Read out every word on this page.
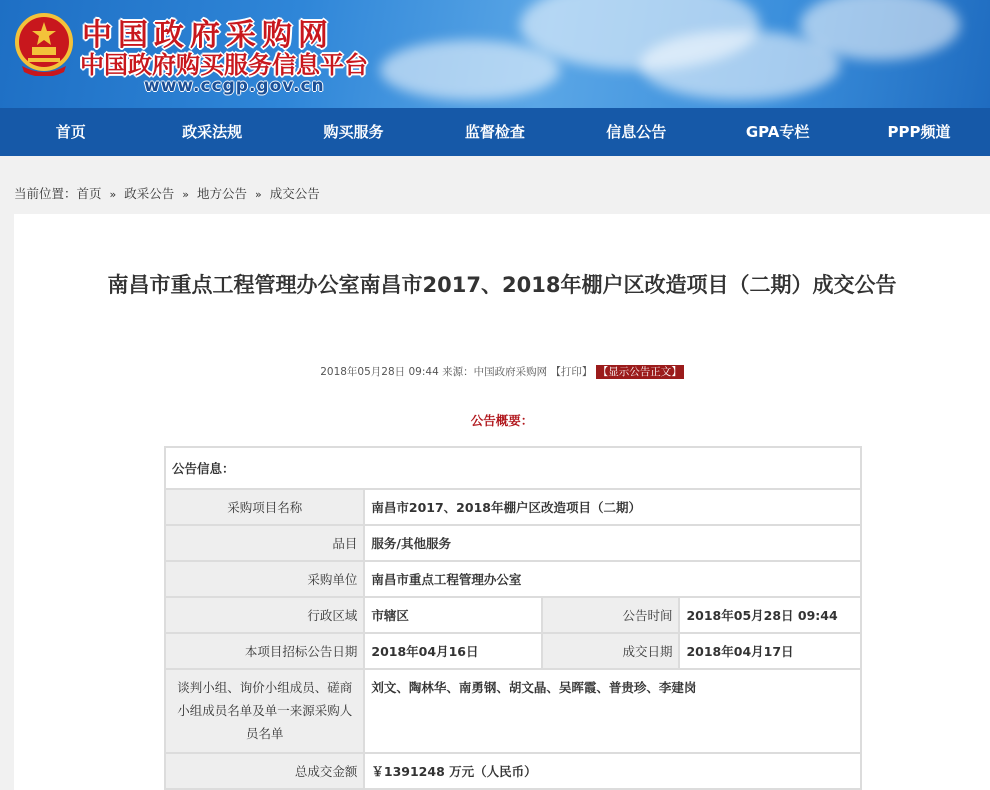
中国政府采购网
中国政府购买服务信息平台
www.ccgp.gov.cn
首页	政采法规	购买服务	监督检查	信息公告	GPA专栏	PPP频道
当前位置：首页 » 政采公告 » 地方公告 » 成交公告
南昌市重点工程管理办公室南昌市2017、2018年棚户区改造项目（二期）成交公告
2018年05月28日 09:44 来源：中国政府采购网 【打印】 【显示公告正文】
公告概要：
公告信息：			
采购项目名称	南昌市2017、2018年棚户区改造项目（二期）		
品目	服务/其他服务		
采购单位	南昌市重点工程管理办公室		
行政区域	市辖区	公告时间	2018年05月28日 09:44
本项目招标公告日期	2018年04月16日	成交日期	2018年04月17日
谈判小组、询价小组成员、磋商小组成员名单及单一来源采购人员名单	刘文、陶林华、南勇钢、胡文晶、吴晖霞、普贵珍、李建岗		
总成交金额	￥1391248 万元（人民币）		
